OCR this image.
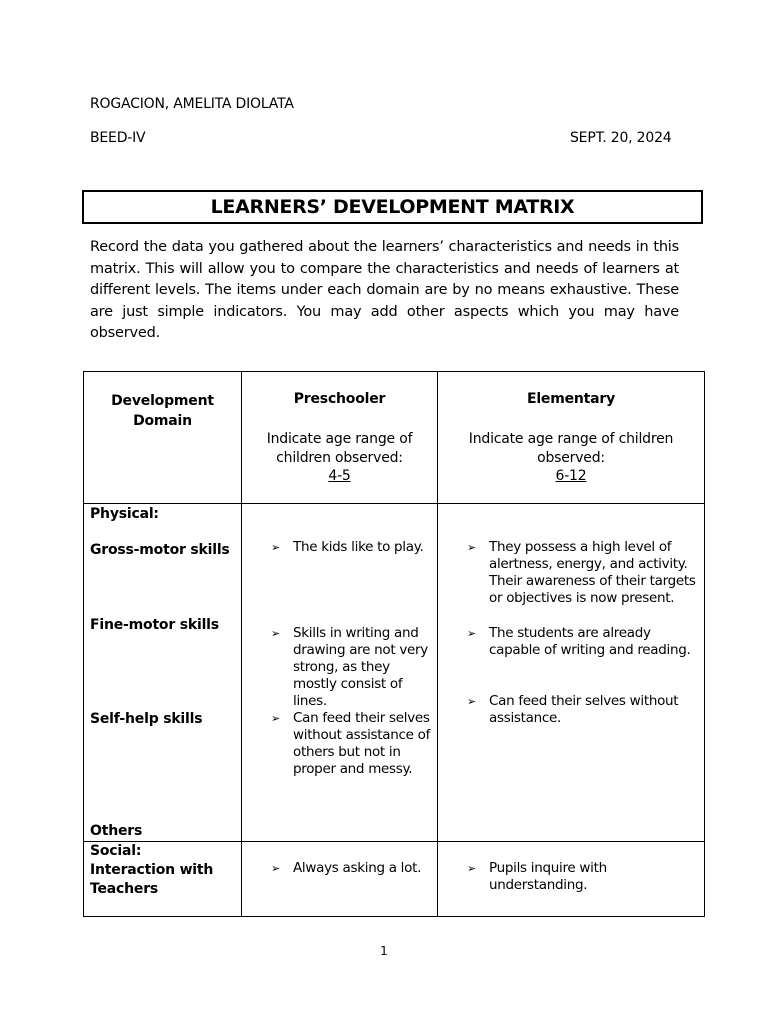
ROGACION, AMELITA DIOLATA
BEED-IV	SEPT. 20, 2024
LEARNERS’ DEVELOPMENT MATRIX
Record the data you gathered about the learners’ characteristics and needs in this matrix. This will allow you to compare the characteristics and needs of learners at different levels. The items under each domain are by no means exhaustive. These are just simple indicators. You may add other aspects which you may have observed.
Development Domain
Preschooler
Indicate age range of children observed:
4-5
Elementary
Indicate age range of children observed:
6-12
Physical:
Gross-motor skills
Fine-motor skills
Self-help skills
Others
➢ The kids like to play.
➢ Skills in writing and drawing are not very strong, as they mostly consist of lines.
➢ Can feed their selves without assistance of others but not in proper and messy.
➢ They possess a high level of alertness, energy, and activity. Their awareness of their targets or objectives is now present.
➢ The students are already capable of writing and reading.
➢ Can feed their selves without assistance.
Social:
Interaction with Teachers
➢ Always asking a lot.	➢ Pupils inquire with understanding.
1
